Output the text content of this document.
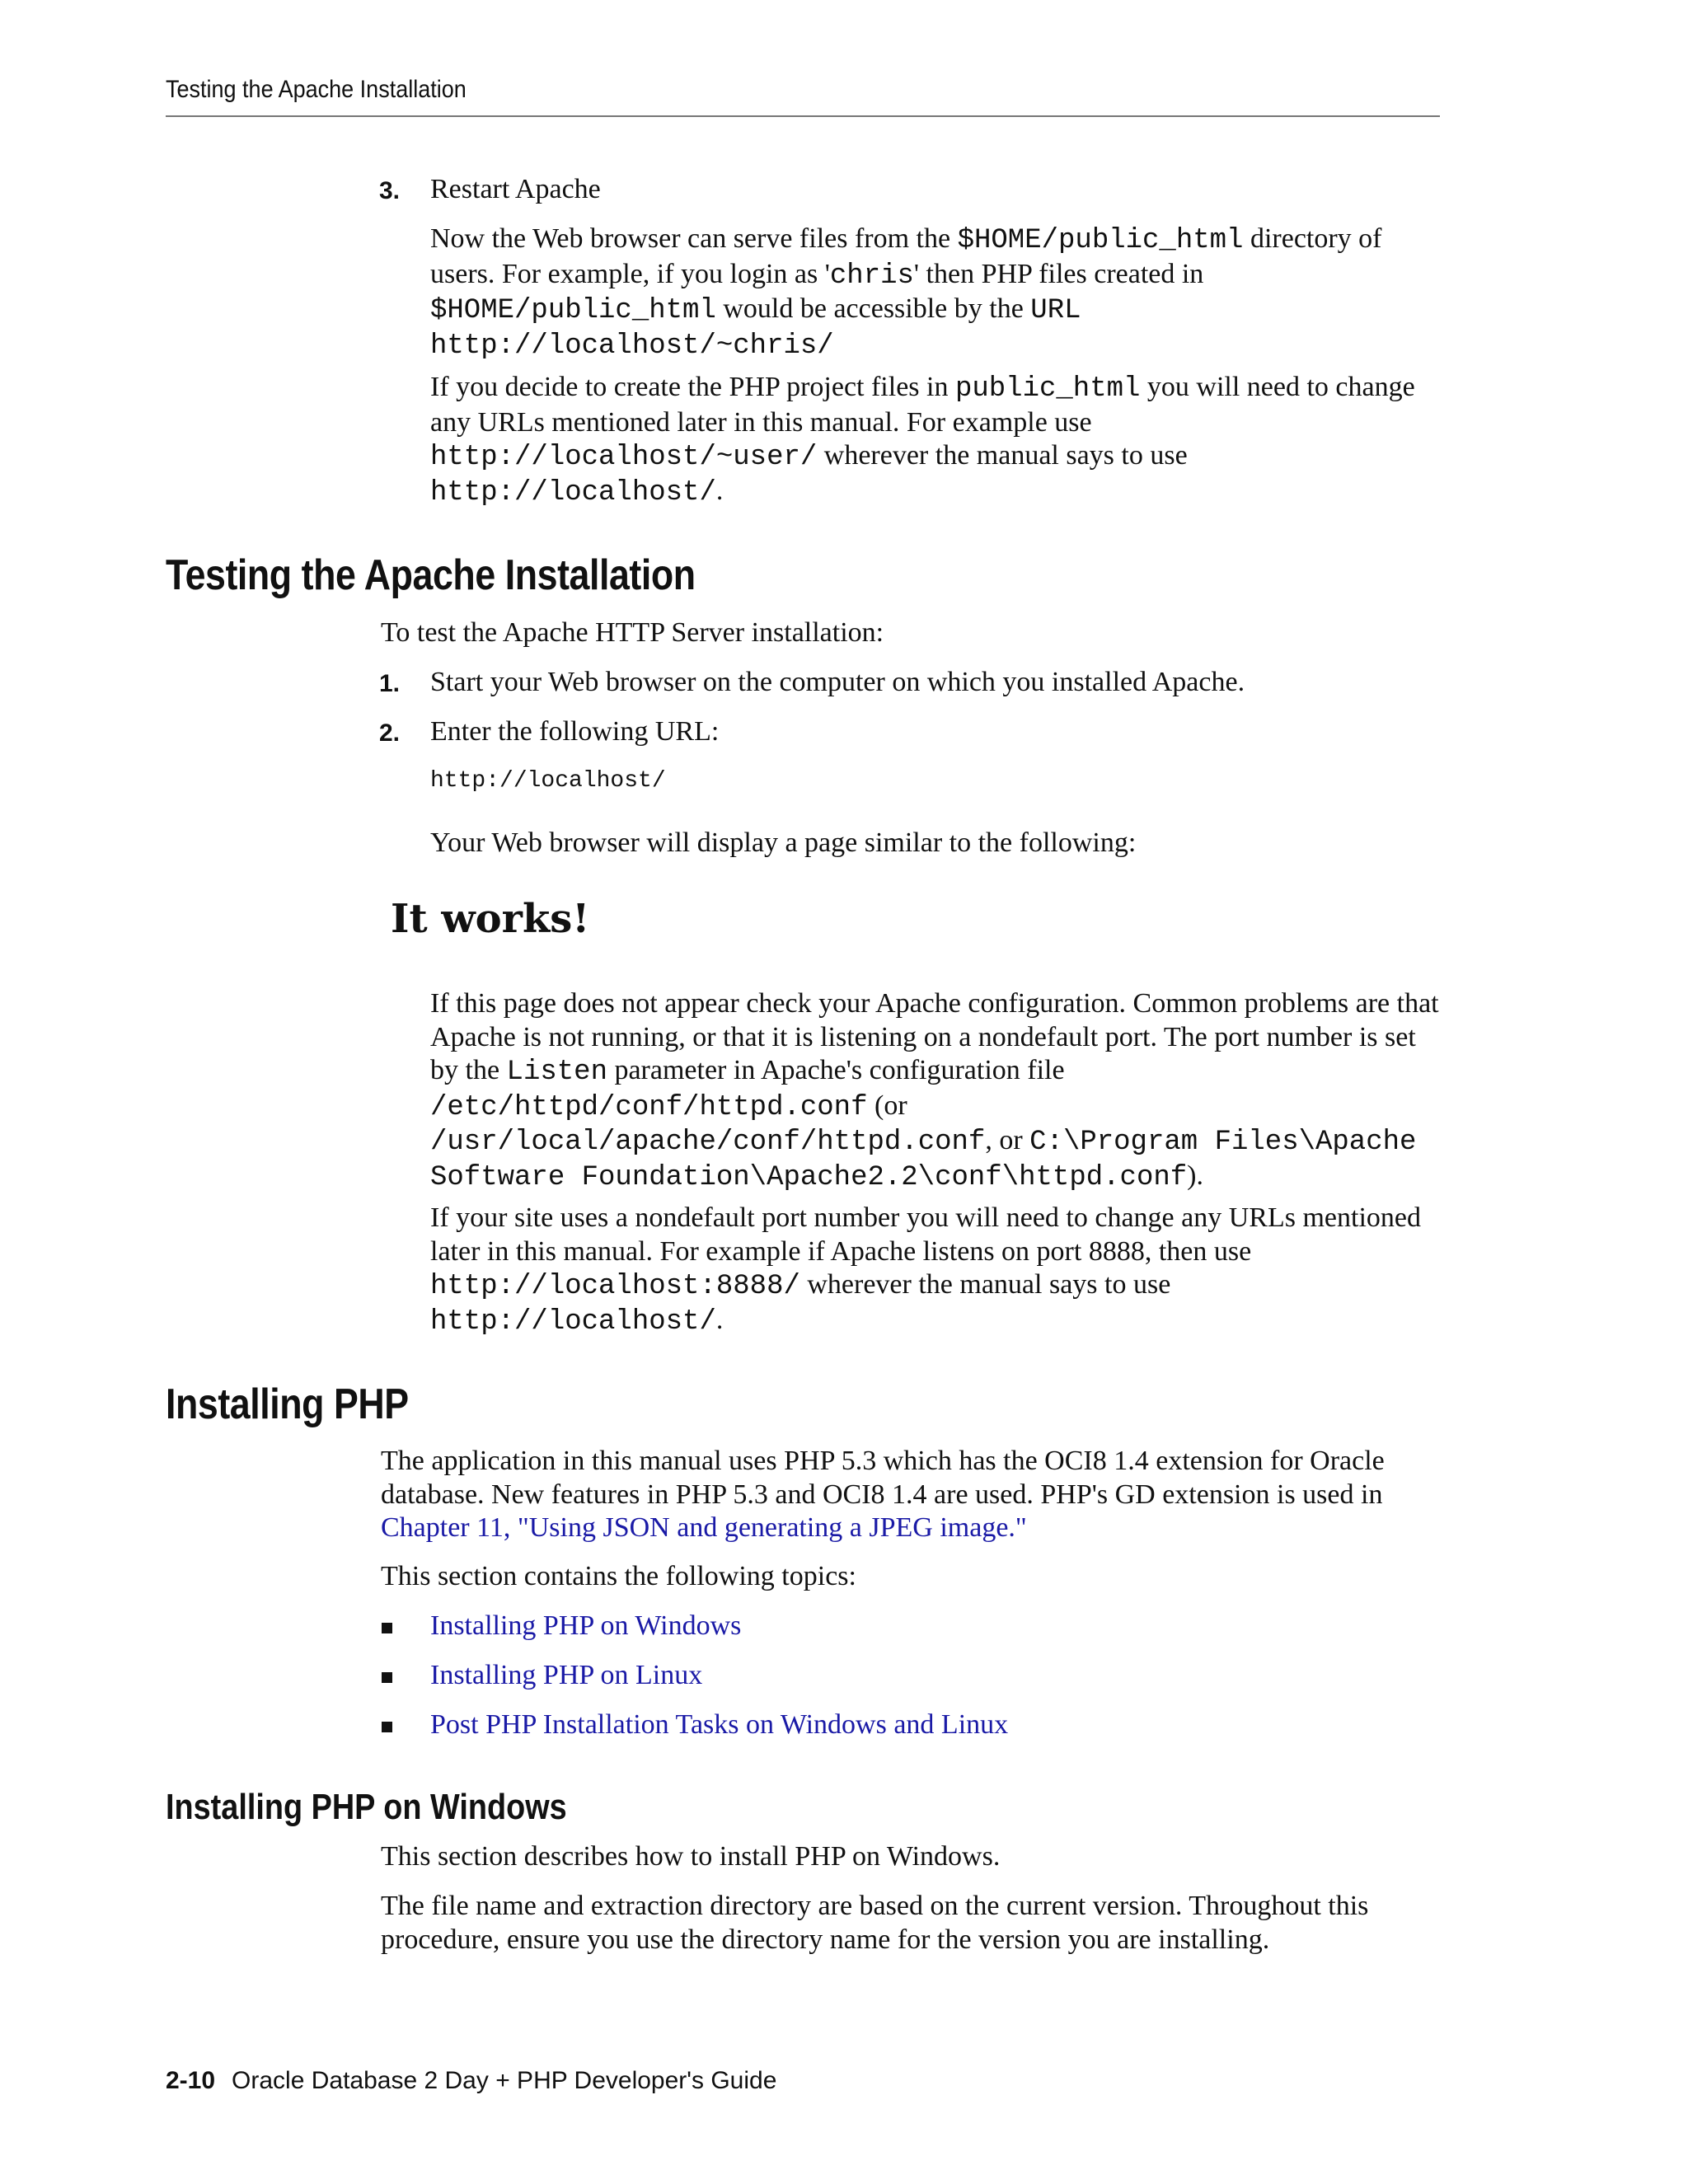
Testing the Apache Installation
3.	Restart Apache

Now the Web browser can serve files from the $HOME/public_html directory of users. For example, if you login as 'chris' then PHP files created in $HOME/public_html would be accessible by the URL
http://localhost/~chris/

If you decide to create the PHP project files in public_html you will need to change any URLs mentioned later in this manual. For example use
http://localhost/~user/ wherever the manual says to use
http://localhost/.

Testing the Apache Installation
To test the Apache HTTP Server installation:
1.	Start your Web browser on the computer on which you installed Apache.
2.	Enter the following URL:
http://localhost/
Your Web browser will display a page similar to the following:
It works!

If this page does not appear check your Apache configuration. Common problems are that Apache is not running, or that it is listening on a nondefault port. The port number is set by the Listen parameter in Apache's configuration file
/etc/httpd/conf/httpd.conf (or
/usr/local/apache/conf/httpd.conf, or C:\Program Files\Apache Software Foundation\Apache2.2\conf\httpd.conf).

If your site uses a nondefault port number you will need to change any URLs mentioned later in this manual. For example if Apache listens on port 8888, then use http://localhost:8888/ wherever the manual says to use
http://localhost/.

Installing PHP

The application in this manual uses PHP 5.3 which has the OCI8 1.4 extension for Oracle database. New features in PHP 5.3 and OCI8 1.4 are used. PHP's GD extension is used in Chapter 11, "Using JSON and generating a JPEG image."

This section contains the following topics:
Installing PHP on Windows
Installing PHP on Linux
Post PHP Installation Tasks on Windows and Linux
Installing PHP on Windows
This section describes how to install PHP on Windows.
The file name and extraction directory are based on the current version. Throughout this procedure, ensure you use the directory name for the version you are installing.
2-10 Oracle Database 2 Day + PHP Developer's Guide
